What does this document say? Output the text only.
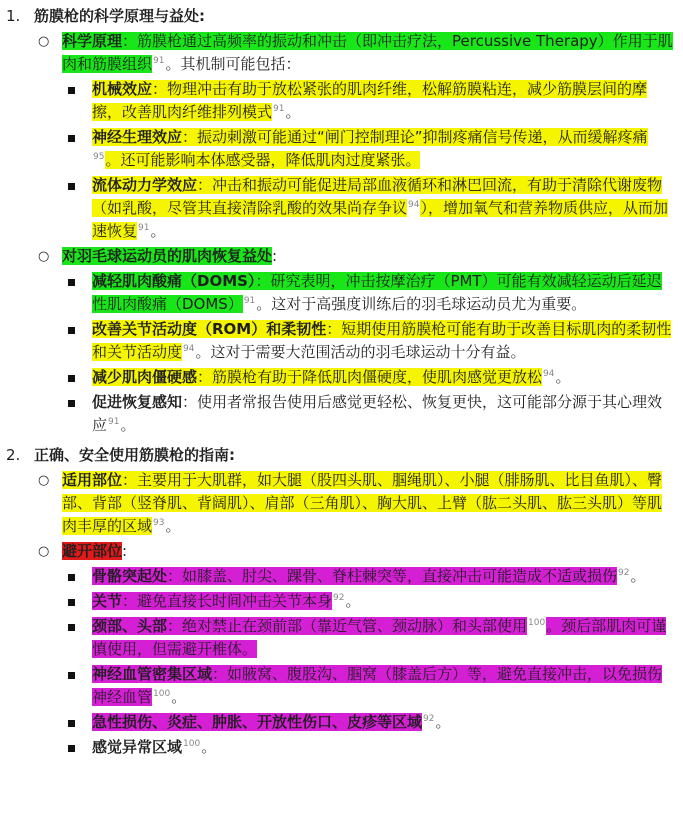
1. 筋膜枪的科学原理与益处:
○ 科学原理：筋膜枪通过高频率的振动和冲击（即冲击疗法，Percussive Therapy）作用于肌肉和筋膜组织$^{91}$。其机制可能包括：
机械效应：物理冲击有助于放松紧张的肌肉纤维，松解筋膜粘连，减少筋膜层间的摩擦，改善肌肉纤维排列模式$^{91}$。
神经生理效应：振动刺激可能通过“闸门控制理论”抑制疼痛信号传递，从而缓解疼痛$^{95}$。还可能影响本体感受器，降低肌肉过度紧张。
流体动力学效应：冲击和振动可能促进局部血液循环和淋巴回流，有助于清除代谢废物（如乳酸，尽管其直接清除乳酸的效果尚存争议$^{94}$），增加氧气和营养物质供应，从而加速恢复$^{91}$。
○ 对羽毛球运动员的肌肉恢复益处:
减轻肌肉酸痛（DOMS）：研究表明，冲击按摩治疗（PMT）可能有效减轻运动后延迟性肌肉酸痛（DOMS）$^{91}$。这对于高强度训练后的羽毛球运动员尤为重要。
改善关节活动度（ROM）和柔韧性：短期使用筋膜枪可能有助于改善目标肌肉的柔韧性和关节活动度$^{94}$。这对于需要大范围活动的羽毛球运动十分有益。
减少肌肉僵硬感：筋膜枪有助于降低肌肉僵硬度，使肌肉感觉更放松$^{94}$。
促进恢复感知：使用者常报告使用后感觉更轻松、恢复更快，这可能部分源于其心理效应$^{91}$。
2. 正确、安全使用筋膜枪的指南:
○ 适用部位：主要用于大肌群，如大腿（股四头肌、腘绳肌）、小腿（腓肠肌、比目鱼肌）、臀部、背部（竖脊肌、背阔肌）、肩部（三角肌）、胸大肌、上臂（肱二头肌、肱三头肌）等肌肉丰厚的区域$^{93}$。
○ 避开部位:
骨骼突起处：如膝盖、肘尖、踝骨、脊柱棘突等，直接冲击可能造成不适或损伤$^{92}$。
关节：避免直接长时间冲击关节本身$^{92}$。
颈部、头部：绝对禁止在颈前部（靠近气管、颈动脉）和头部使用$^{100}$。颈后部肌肉可谨慎使用，但需避开椎体。
神经血管密集区域：如腋窝、腹股沟、腘窝（膝盖后方）等，避免直接冲击，以免损伤神经血管$^{100}$。
急性损伤、炎症、肿胀、开放性伤口、皮疹等区域$^{92}$。
感觉异常区域$^{100}$。
